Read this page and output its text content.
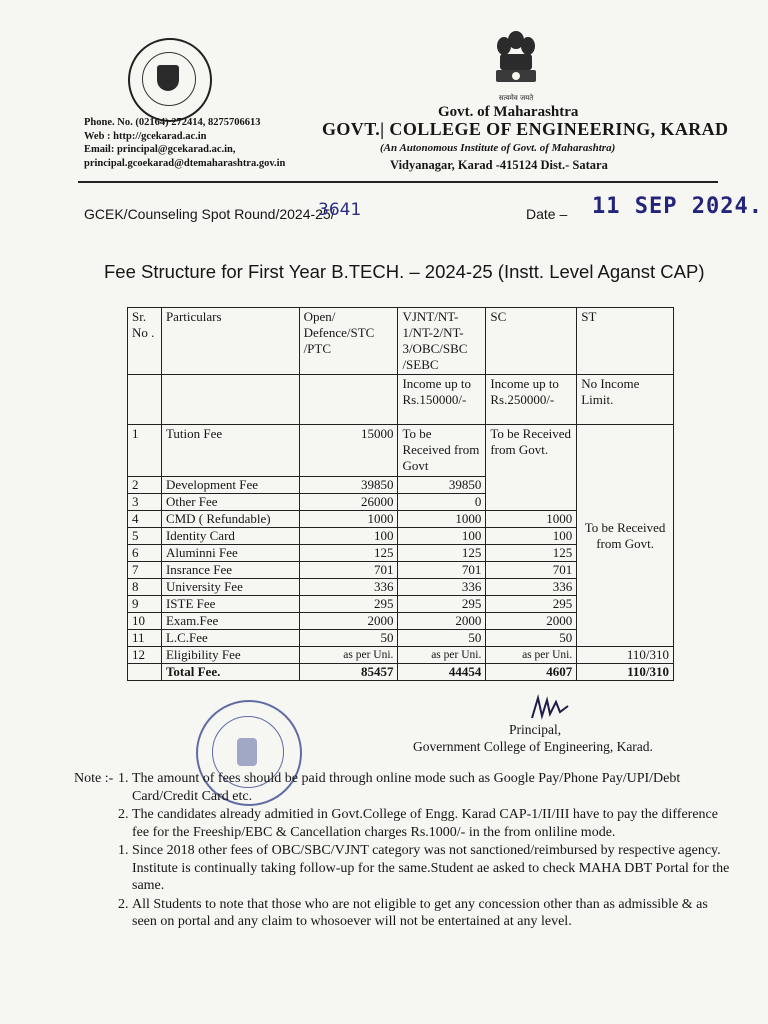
सत्यमेव जयते
Phone. No. (02164) 272414, 8275706613
Web : http://gcekarad.ac.in
Email: principal@gcekarad.ac.in,
principal.gcoekarad@dtemaharashtra.gov.in
Govt. of Maharashtra
GOVT.| COLLEGE OF ENGINEERING, KARAD
(An Autonomous Institute of Govt. of Maharashtra)
Vidyanagar, Karad -415124 Dist.- Satara
GCEK/Counseling Spot Round/2024-25/
3641	Date – 11 SEP 2024.
Fee Structure for First Year B.TECH. – 2024-25 (Instt. Level Aganst CAP)
Sr. No .	Particulars	Open/ Defence/STC /PTC	VJNT/NT- 1/NT-2/NT- 3/OBC/SBC /SEBC	SC	ST
			Income up to Rs.150000/-	Income up to Rs.250000/-	No Income Limit.
1	Tution Fee	15000	To be Received from Govt	To be Received from Govt.	To be Received from Govt.
2	Development Fee	39850	39850		
3	Other Fee	26000	0		
4	CMD ( Refundable)	1000	1000	1000	
5	Identity Card	100	100	100	
6	Aluminni Fee	125	125	125	
7	Insrance Fee	701	701	701	
8	University Fee	336	336	336	
9	ISTE Fee	295	295	295	
10	Exam.Fee	2000	2000	2000	
11	L.C.Fee	50	50	50	
12	Eligibility Fee	as per Uni.	as per Uni.	as per Uni.	110/310
	Total Fee.	85457	44454	4607	110/310
Principal,
Government College of Engineering, Karad.
Note :- 1. The amount of fees should be paid through online mode such as Google Pay/Phone Pay/UPI/Debt Card/Credit Card etc.
2. The candidates already admitied in Govt.College of Engg. Karad CAP-1/II/III have to pay the difference fee for the Freeship/EBC & Cancellation charges Rs.1000/- in the from onliline mode.
1. Since 2018 other fees of OBC/SBC/VJNT category was not sanctioned/reimbursed by respective agency. Institute is continually taking follow-up for the same.Student ae asked to check MAHA DBT Portal for the same.
2. All Students to note that those who are not eligible to get any concession other than as admissible & as seen on portal and any claim to whosoever will not be entertained at any level.
